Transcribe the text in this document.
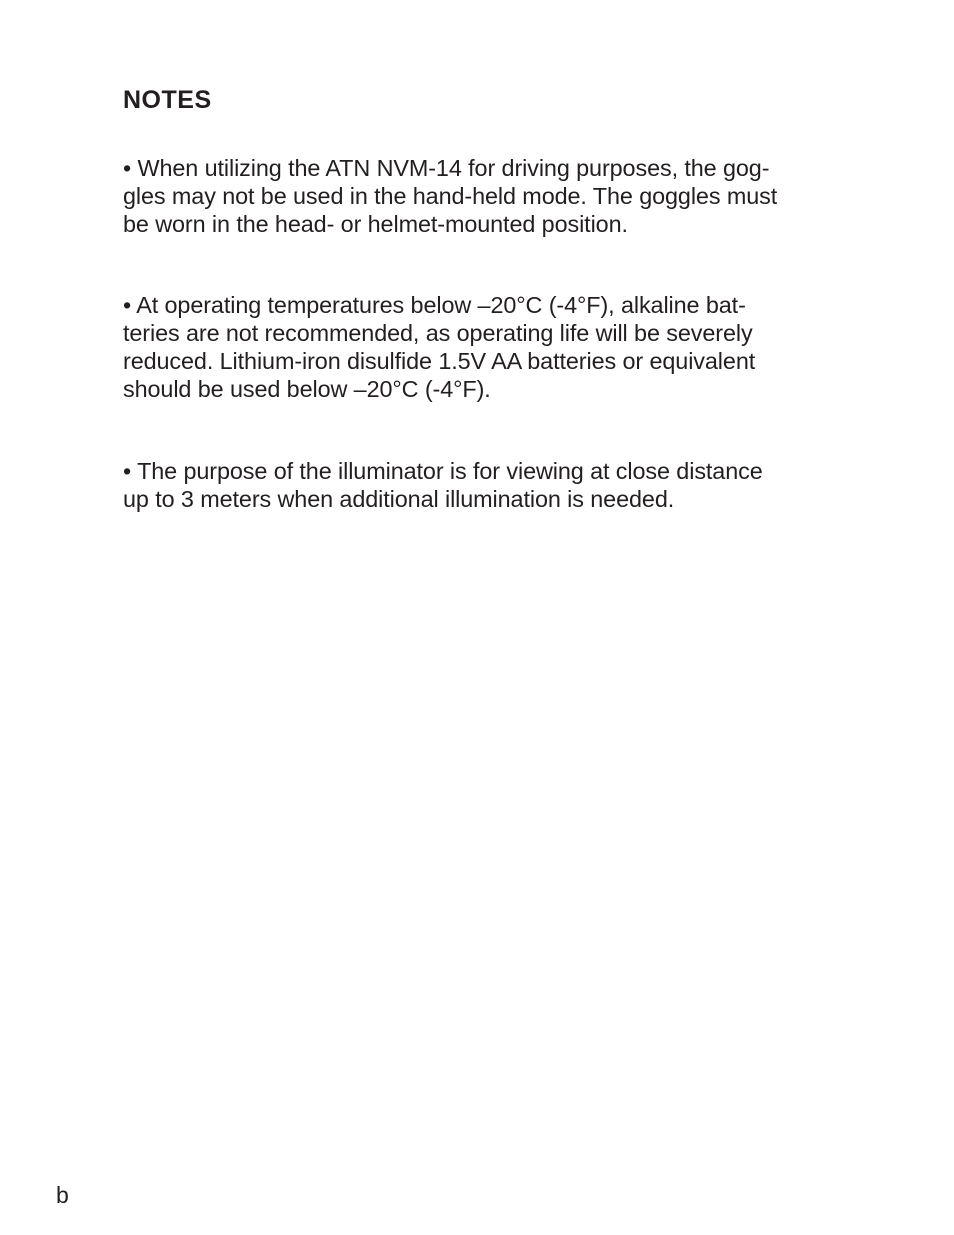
NOTES

• When utilizing the ATN NVM-14 for driving purposes, the gog-
gles may not be used in the hand-held mode. The goggles must
be worn in the head- or helmet-mounted position.

• At operating temperatures below –20°C (-4°F), alkaline bat-
teries are not recommended, as operating life will be severely
reduced. Lithium-iron disulfide 1.5V AA batteries or equivalent
should be used below –20°C (-4°F).

• The purpose of the illuminator is for viewing at close distance
up to 3 meters when additional illumination is needed.

b
